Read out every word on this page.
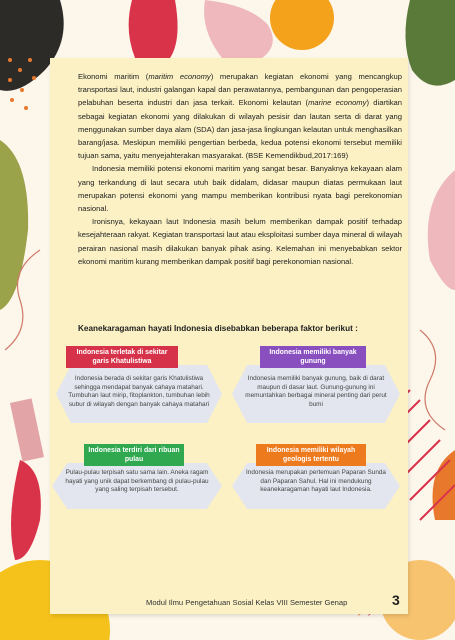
Ekonomi maritim (maritim economy) merupakan kegiatan ekonomi yang mencangkup transportasi laut, industri galangan kapal dan perawatannya, pembangunan dan pengoperasian pelabuhan beserta industri dan jasa terkait. Ekonomi kelautan (marine economy) diartikan sebagai kegiatan ekonomi yang dilakukan di wilayah pesisir dan lautan serta di darat yang menggunakan sumber daya alam (SDA) dan jasa-jasa lingkungan kelautan untuk menghasilkan barang/jasa. Meskipun memiliki pengertian berbeda, kedua potensi ekonomi tersebut memiliki tujuan sama, yaitu menyejahterakan masyarakat. (BSE Kemendikbud,2017:169)

Indonesia memiliki potensi ekonomi maritim yang sangat besar. Banyaknya kekayaan alam yang terkandung di laut secara utuh baik didalam, didasar maupun diatas permukaan laut merupakan potensi ekonomi yang mampu memberikan kontribusi nyata bagi perekonomian nasional.

Ironisnya, kekayaan laut Indonesia masih belum memberikan dampak positif terhadap kesejahteraan rakyat. Kegiatan transportasi laut atau eksploitasi sumber daya mineral di wilayah perairan nasional masih dilakukan banyak pihak asing. Kelemahan ini menyebabkan sektor ekonomi maritim kurang memberikan dampak positif bagi perekonomian nasional.

Keanekaragaman hayati Indonesia disebabkan beberapa faktor berikut :
Indonesia berada di sekitar garis Khatulistiwa sehingga mendapat banyak cahaya matahari. Tumbuhan laut mirip, fitoplankton, tumbuhan lebih subur di wilayah dengan banyak cahaya matahari
Indonesia terletak di sekitar garis Khatulistiwa
Indonesia memiliki banyak gunung, baik di darat maupun di dasar laut. Gunung-gunung ini memuntahkan berbagai mineral penting dari perut bumi
Indonesia memiliki banyak gunung
Pulau-pulau terpisah satu sama lain. Aneka ragam hayati yang unik dapat berkembang di pulau-pulau yang saling terpisah tersebut.
Indonesia terdiri dari ribuan pulau
Indonesia merupakan pertemuan Paparan Sunda dan Paparan Sahul. Hal ini mendukung keanekaragaman hayati laut Indonesia.
Indonesia memiliki wilayah geologis tertentu
Modul Ilmu Pengetahuan Sosial Kelas VIII Semester Genap	3
